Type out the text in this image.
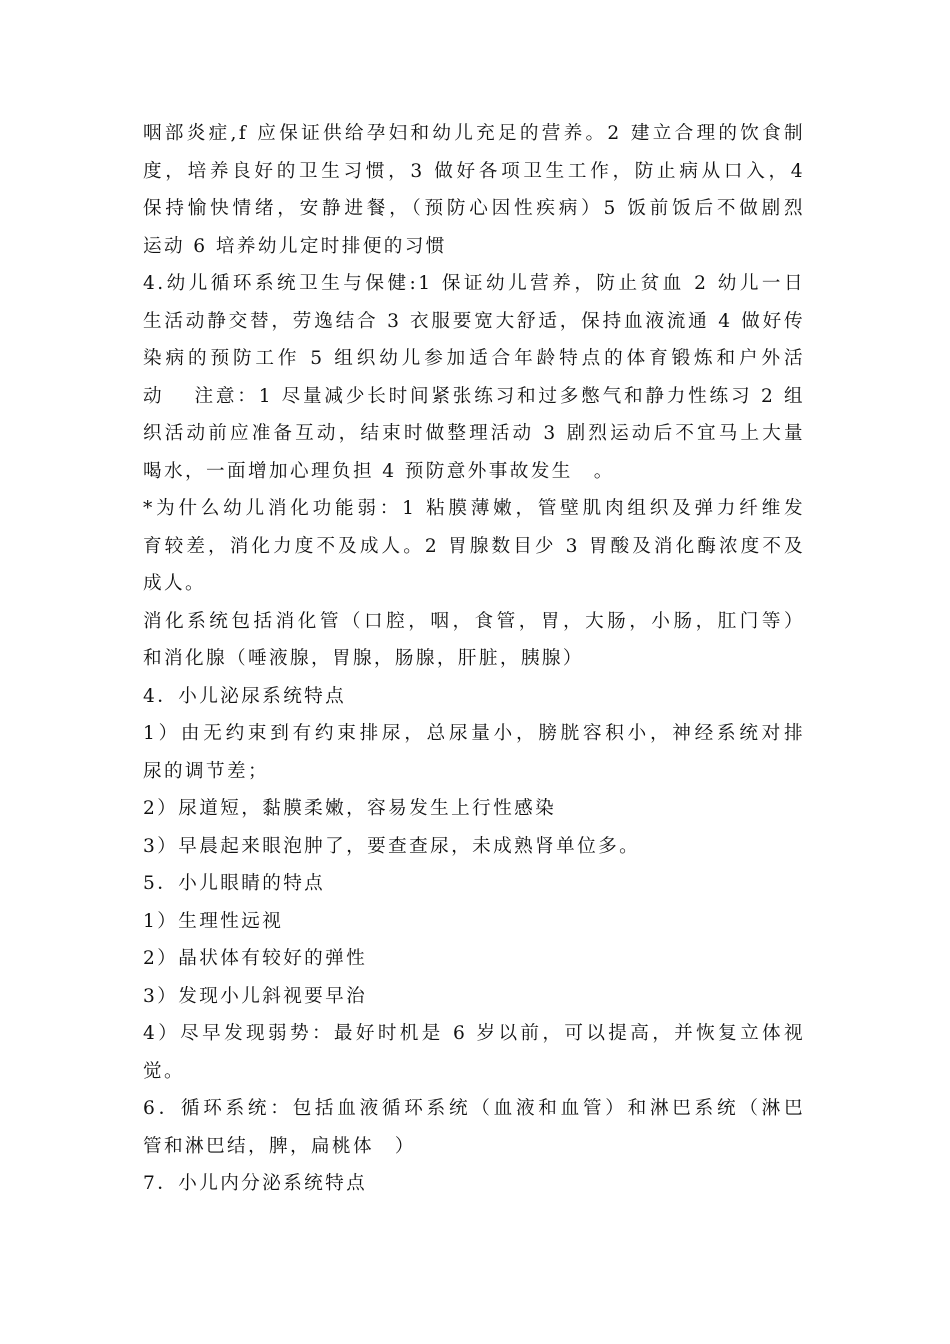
咽部炎症,f 应保证供给孕妇和幼儿充足的营养。2 建立合理的饮食制
度，培养良好的卫生习惯，3 做好各项卫生工作，防止病从口入，4
保持愉快情绪，安静进餐，（预防心因性疾病）5 饭前饭后不做剧烈
运动 6 培养幼儿定时排便的习惯
4.幼儿循环系统卫生与保健:1 保证幼儿营养，防止贫血 2 幼儿一日
生活动静交替，劳逸结合 3 衣服要宽大舒适，保持血液流通 4 做好传
染病的预防工作 5 组织幼儿参加适合年龄特点的体育锻炼和户外活
动　 注意：1 尽量减少长时间紧张练习和过多憋气和静力性练习 2 组
织活动前应准备互动，结束时做整理活动 3 剧烈运动后不宜马上大量
喝水，一面增加心理负担 4 预防意外事故发生　。
*为什么幼儿消化功能弱：1 粘膜薄嫩，管壁肌肉组织及弹力纤维发
育较差，消化力度不及成人。2 胃腺数目少 3 胃酸及消化酶浓度不及
成人。
消化系统包括消化管（口腔，咽，食管，胃，大肠，小肠，肛门等）
和消化腺（唾液腺，胃腺，肠腺，肝脏，胰腺）
4．小儿泌尿系统特点
1）由无约束到有约束排尿，总尿量小，膀胱容积小，神经系统对排
尿的调节差；
2）尿道短，黏膜柔嫩，容易发生上行性感染
3）早晨起来眼泡肿了，要查查尿，未成熟肾单位多。
5．小儿眼睛的特点
1）生理性远视
2）晶状体有较好的弹性
3）发现小儿斜视要早治
4）尽早发现弱势：最好时机是 6 岁以前，可以提高，并恢复立体视
觉。
6．循环系统：包括血液循环系统（血液和血管）和淋巴系统（淋巴
管和淋巴结，脾，扁桃体　）
7．小儿内分泌系统特点
